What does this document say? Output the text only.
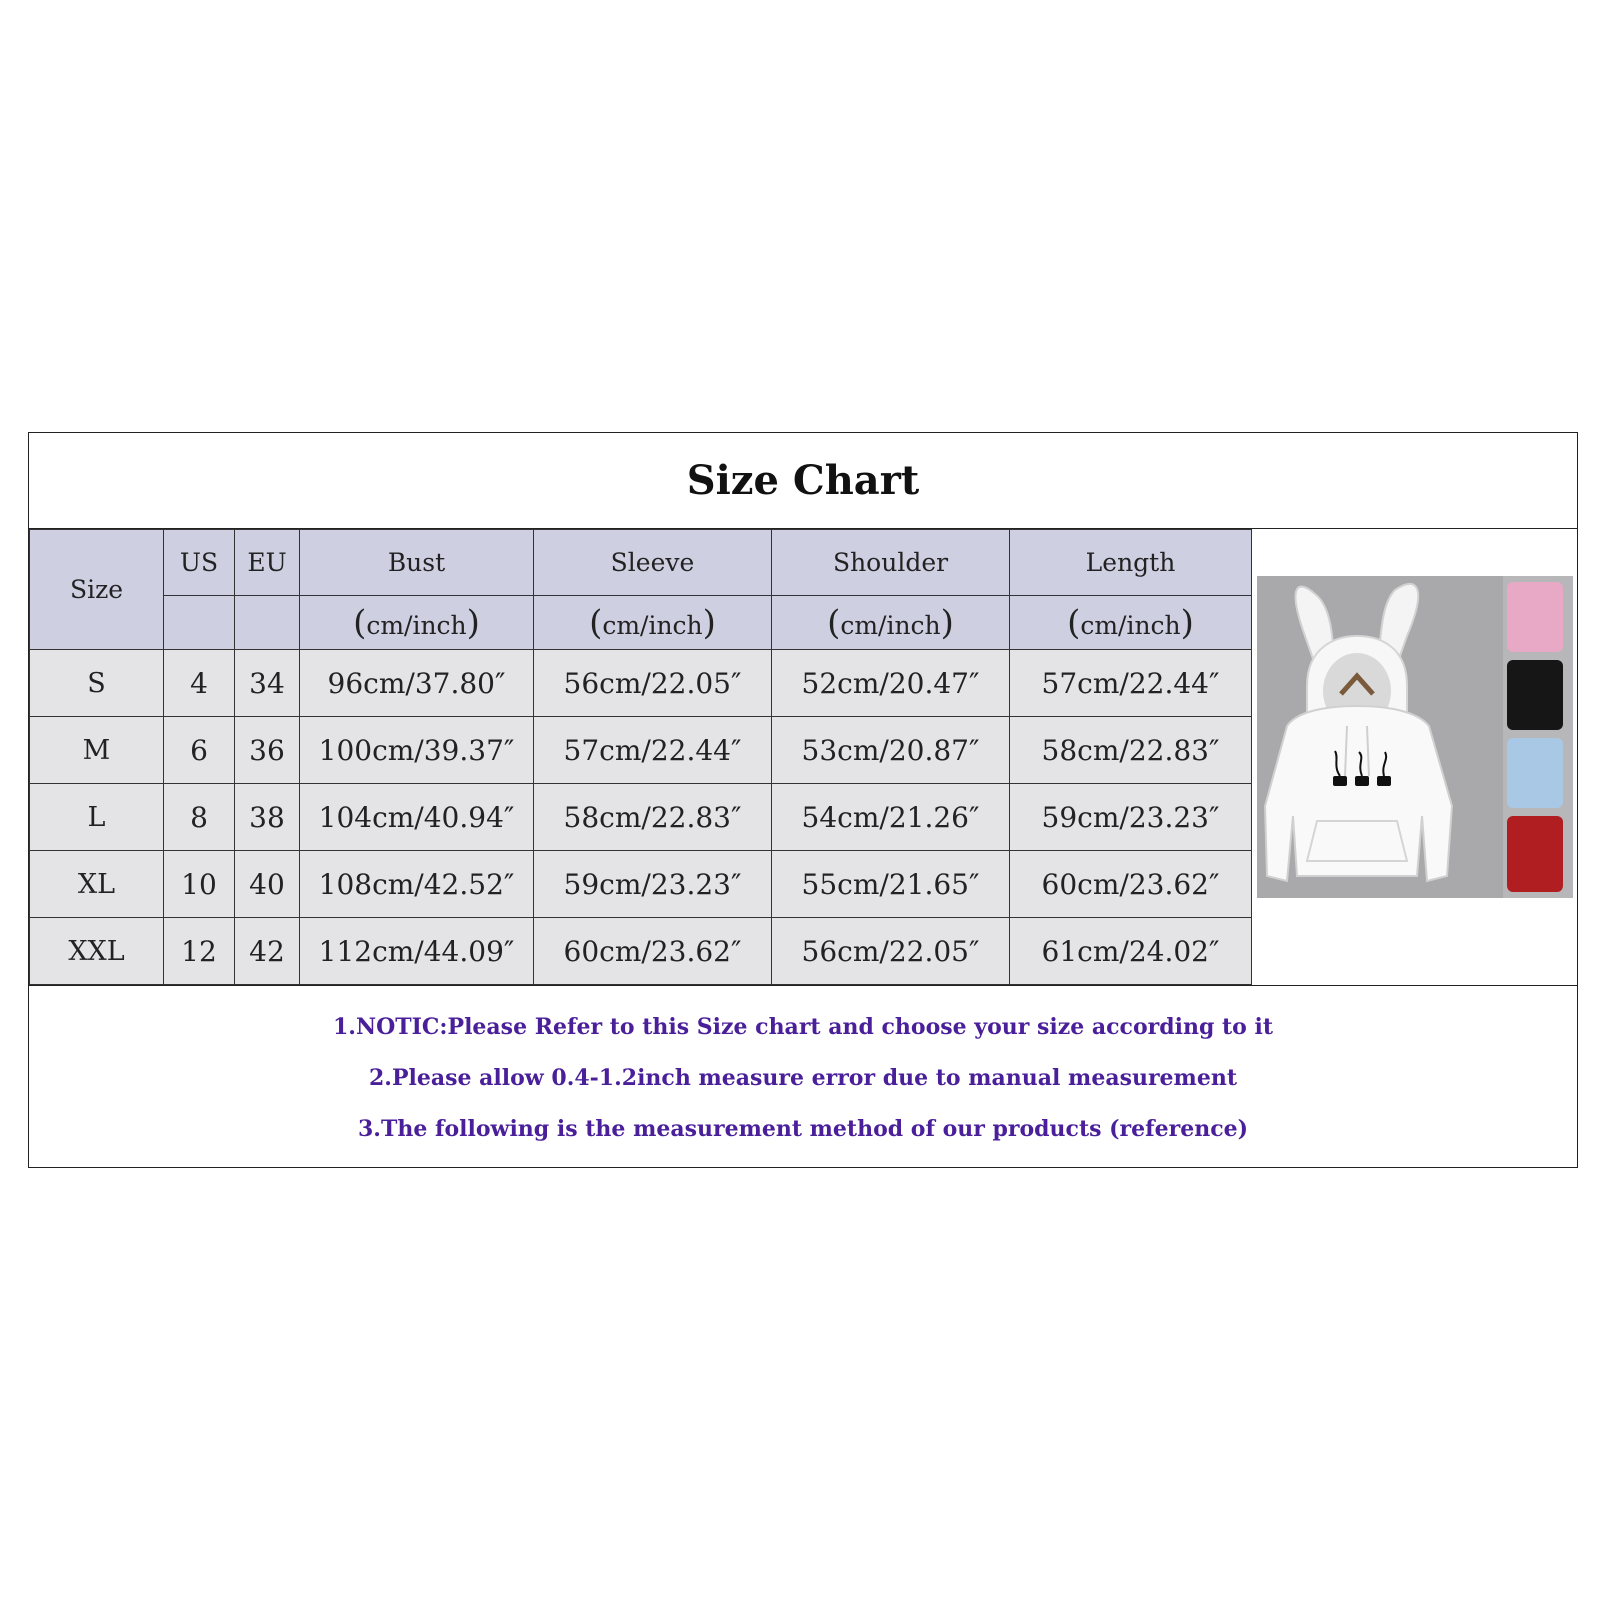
Size Chart
Size	US	EU	Bust	Sleeve	Shoulder	Length
			(cm/inch)	(cm/inch)	(cm/inch)	(cm/inch)
S	4	34	96cm/37.80″	56cm/22.05″	52cm/20.47″	57cm/22.44″
M	6	36	100cm/39.37″	57cm/22.44″	53cm/20.87″	58cm/22.83″
L	8	38	104cm/40.94″	58cm/22.83″	54cm/21.26″	59cm/23.23″
XL	10	40	108cm/42.52″	59cm/23.23″	55cm/21.65″	60cm/23.62″
XXL	12	42	112cm/44.09″	60cm/23.62″	56cm/22.05″	61cm/24.02″
1.NOTIC:Please Refer to this Size chart and choose your size according to it
2.Please allow 0.4-1.2inch measure error due to manual measurement
3.The following is the measurement method of our products (reference)
